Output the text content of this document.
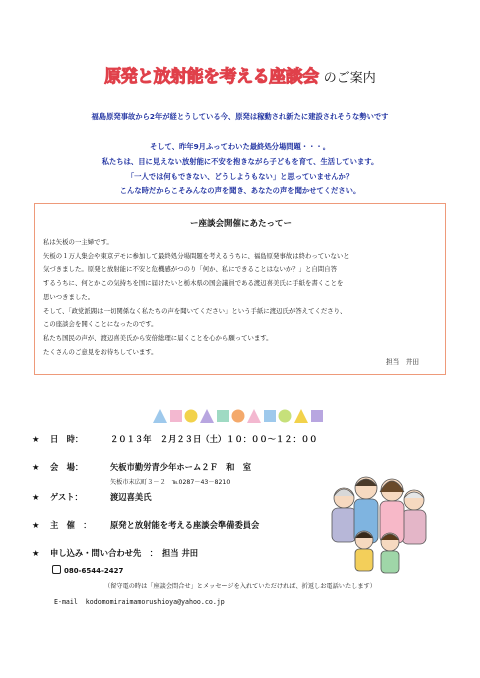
原発と放射能を考える座談会 のご案内
福島原発事故から2年が経とうしている今、原発は稼動され新たに建設されそうな勢いです
そして、昨年9月ふってわいた最終処分場問題・・・。
私たちは、目に見えない放射能に不安を抱きながら子どもを育て、生活しています。
「一人では何もできない、どうしようもない」と思っていませんか？
こんな時だからこそみんなの声を聞き、あなたの声を聞かせてください。
ー座談会開催にあたってー

私は矢板の一主婦です。

矢板の１万人集会や東京デモに参加して最終処分場問題を考えるうちに、福島原発事故は終わっていないと

気づきました。原発と放射能に不安と危機感がつのり「何か、私にできることはないか？」と自問自答

するうちに、何とかこの気持ちを国に届けたいと栃木県の国会議員である渡辺喜美氏に手紙を書くことを

思いつきました。

そして、「政党派閥は一切関係なく私たちの声を聞いてください」という手紙に渡辺氏が答えてくださり、

この座談会を開くことになったのです。

私たち国民の声が、渡辺喜美氏から安倍総理に届くことを心から願っています。

たくさんのご意見をお待ちしています。

担当　井田
★ 日　時：	２０１３年　２月２３日（土）１０：００～１２：００
★ 会　場：	矢板市勤労青少年ホーム２Ｆ　和　室
矢板市末広町３－２　℡0287－43－8210
★ ゲスト：	渡辺喜美氏
★ 主　催　： 原発と放射能を考える座談会準備委員会
★ 申し込み・問い合わせ先　：　担当 井田
080-6544-2427
（留守電の時は「座談会問合せ」とメッセージを入れていただければ、折返しお電話いたします）
E-mail kodomomiraimamorushioya@yahoo.co.jp
